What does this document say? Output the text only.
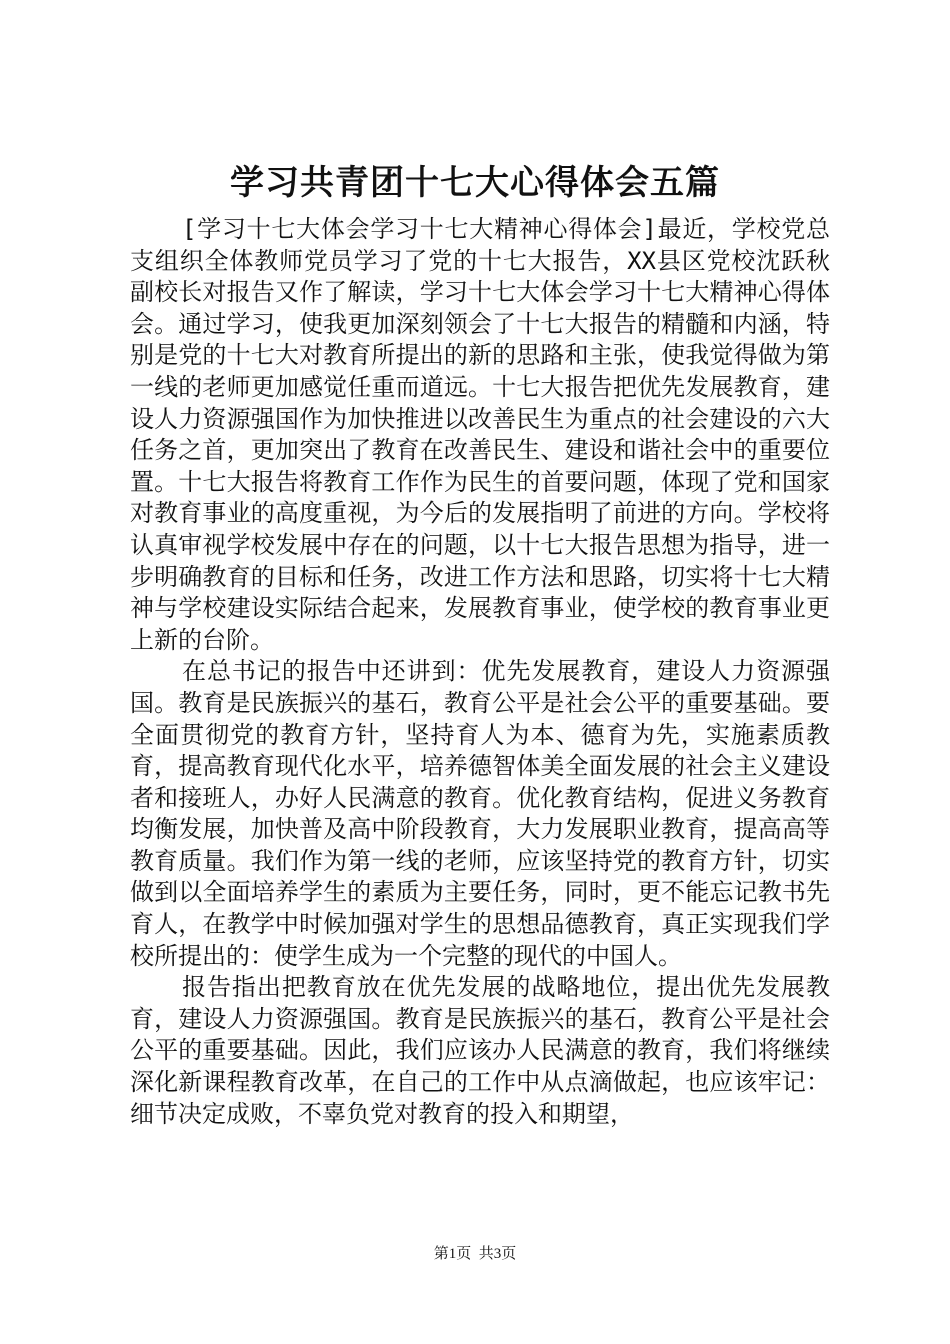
学习共青团十七大心得体会五篇

[学习十七大体会学习十七大精神心得体会]最近，学校党总支组织全体教师党员学习了党的十七大报告，XX县区党校沈跃秋副校长对报告又作了解读，学习十七大体会学习十七大精神心得体会。通过学习，使我更加深刻领会了十七大报告的精髓和内涵，特别是党的十七大对教育所提出的新的思路和主张，使我觉得做为第一线的老师更加感觉任重而道远。十七大报告把优先发展教育，建设人力资源强国作为加快推进以改善民生为重点的社会建设的六大任务之首，更加突出了教育在改善民生、建设和谐社会中的重要位置。十七大报告将教育工作作为民生的首要问题，体现了党和国家对教育事业的高度重视，为今后的发展指明了前进的方向。学校将认真审视学校发展中存在的问题，以十七大报告思想为指导，进一步明确教育的目标和任务，改进工作方法和思路，切实将十七大精神与学校建设实际结合起来，发展教育事业，使学校的教育事业更上新的台阶。

在总书记的报告中还讲到：优先发展教育，建设人力资源强国。教育是民族振兴的基石，教育公平是社会公平的重要基础。要全面贯彻党的教育方针，坚持育人为本、德育为先，实施素质教育，提高教育现代化水平，培养德智体美全面发展的社会主义建设者和接班人，办好人民满意的教育。优化教育结构，促进义务教育均衡发展，加快普及高中阶段教育，大力发展职业教育，提高高等教育质量。我们作为第一线的老师，应该坚持党的教育方针，切实做到以全面培养学生的素质为主要任务，同时，更不能忘记教书先育人，在教学中时候加强对学生的思想品德教育，真正实现我们学校所提出的：使学生成为一个完整的现代的中国人。

报告指出把教育放在优先发展的战略地位，提出优先发展教育，建设人力资源强国。教育是民族振兴的基石，教育公平是社会公平的重要基础。因此，我们应该办人民满意的教育，我们将继续深化新课程教育改革，在自己的工作中从点滴做起，也应该牢记：细节决定成败，不辜负党对教育的投入和期望，

第1页  共3页
